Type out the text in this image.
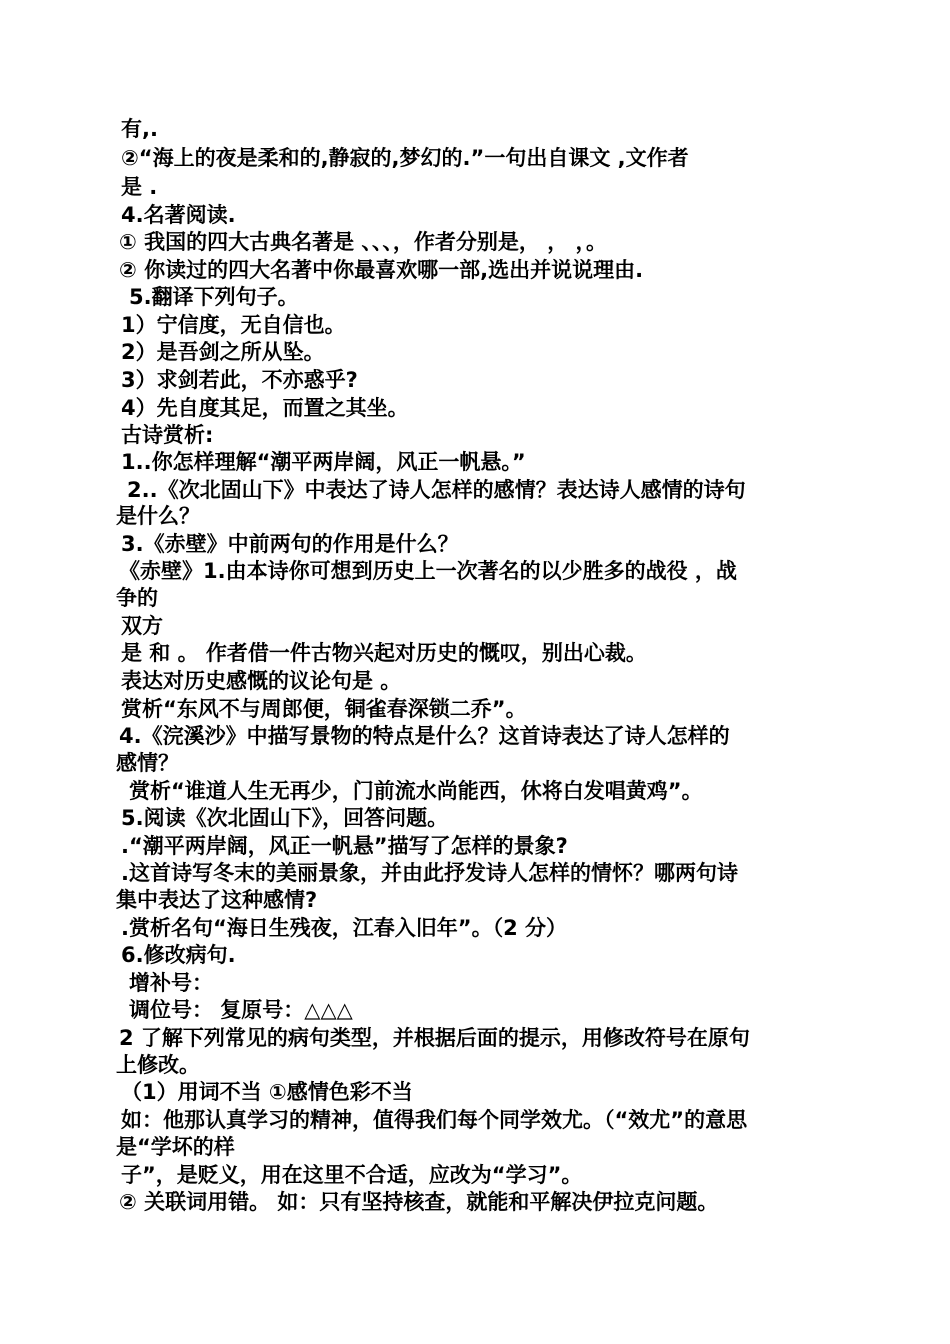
有,.
②“海上的夜是柔和的,静寂的,梦幻的.”一句出自课文 ,文作者
是 .
4.名著阅读.
① 我国的四大古典名著是 、、、，作者分别是， ， ，。
② 你读过的四大名著中你最喜欢哪一部,选出并说说理由.
5.翻译下列句子。
1）宁信度，无自信也。
2）是吾剑之所从坠。
3）求剑若此，不亦惑乎?
4）先自度其足，而置之其坐。
古诗赏析:
1..你怎样理解“潮平两岸阔，风正一帆悬。”
2..《次北固山下》中表达了诗人怎样的感情？表达诗人感情的诗句
是什么？
3.《赤壁》中前两句的作用是什么？
《赤壁》1.由本诗你可想到历史上一次著名的以少胜多的战役 ，战
争的
双方
是 和 。 作者借一件古物兴起对历史的慨叹，别出心裁。
表达对历史感慨的议论句是 。
赏析“东风不与周郎便，铜雀春深锁二乔”。
4.《浣溪沙》中描写景物的特点是什么？这首诗表达了诗人怎样的
感情？
赏析“谁道人生无再少，门前流水尚能西，休将白发唱黄鸡”。
5.阅读《次北固山下》，回答问题。
.“潮平两岸阔，风正一帆悬”描写了怎样的景象?
.这首诗写冬末的美丽景象，并由此抒发诗人怎样的情怀？哪两句诗
集中表达了这种感情?
.赏析名句“海日生残夜，江春入旧年”。（2 分）
6.修改病句.
增补号：
调位号： 复原号：△△△
2 了解下列常见的病句类型，并根据后面的提示，用修改符号在原句
上修改。
（1）用词不当 ①感情色彩不当
如：他那认真学习的精神，值得我们每个同学效尤。（“效尤”的意思
是“学坏的样
子”，是贬义，用在这里不合适，应改为“学习”。
② 关联词用错。 如：只有坚持核查，就能和平解决伊拉克问题。
